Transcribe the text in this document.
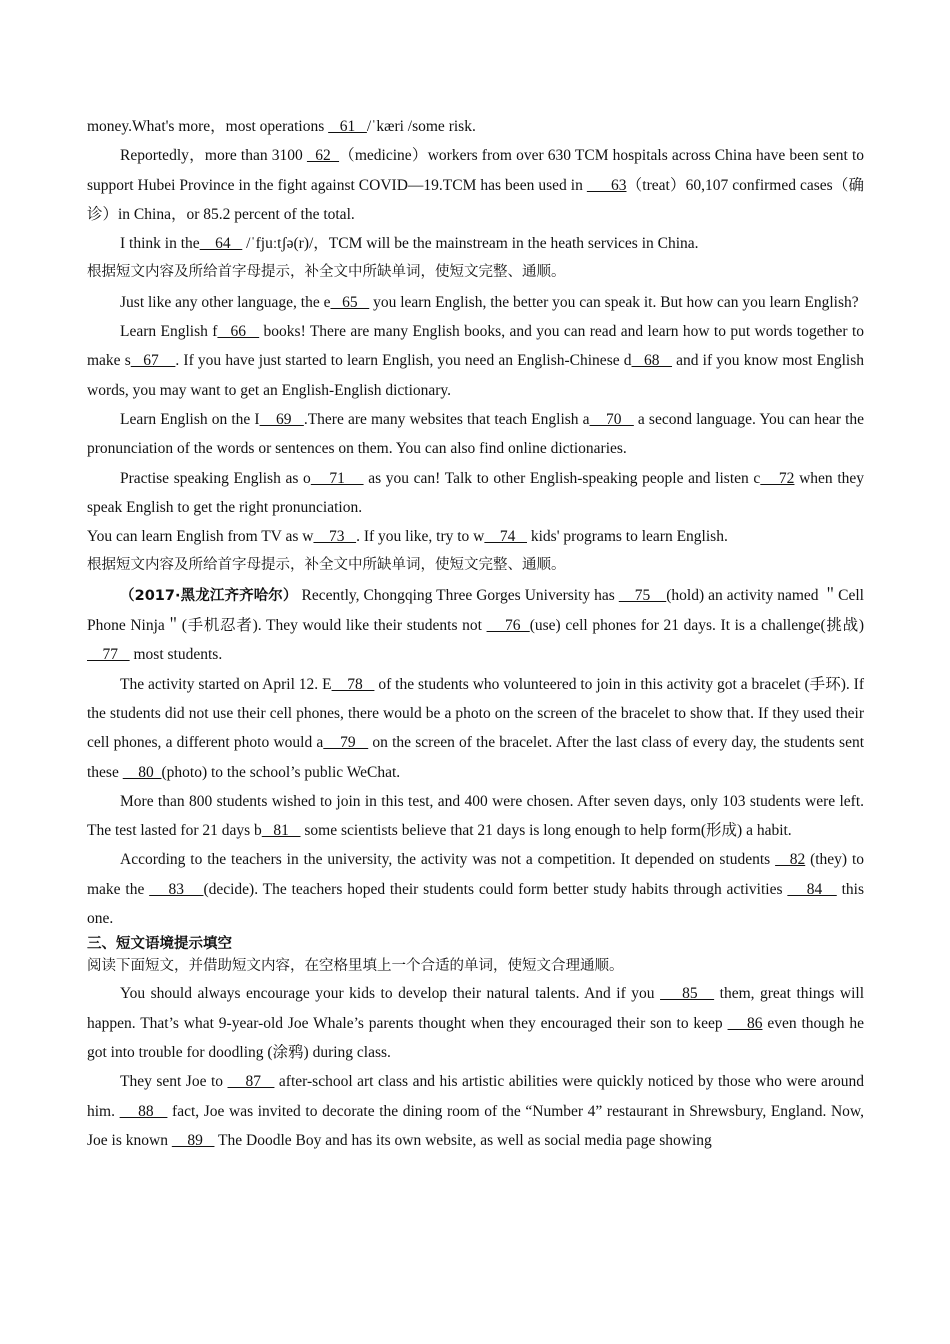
money.What's more，most operations    61   /ˈkæri /some risk.

Reportedly，more than 3100   62  （medicine）workers from over 630 TCM hospitals across China have been sent to support Hubei Province in the fight against COVID—19.TCM has been used in       63（treat）60,107 confirmed cases（确诊）in China，or 85.2 percent of the total.

I think in the    64    /ˈfjuːtʃə(r)/，TCM will be the mainstream in the heath services in China.

根据短文内容及所给首字母提示，补全文中所缺单词，使短文完整、通顺。

Just like any other language, the e   65    you learn English, the better you can speak it. But how can you learn English?

Learn English f   66    books! There are many English books, and you can read and learn how to put words together to make s   67    . If you have just started to learn English, you need an English-Chinese d   68    and if you know most English words, you may want to get an English-English dictionary.

Learn English on the I    69   .There are many websites that teach English a    70    a second language. You can hear the pronunciation of the words or sentences on them. You can also find online dictionaries.

Practise speaking English as o    71     as you can! Talk to other English-speaking people and listen c    72 when they speak English to get the right pronunciation.

You can learn English from TV as w    73   . If you like, try to w    74    kids' programs to learn English.

根据短文内容及所给首字母提示，补全文中所缺单词，使短文完整、通顺。

（2017·黑龙江齐齐哈尔） Recently, Chongqing Three Gorges University has     75    (hold) an activity named ＂Cell Phone Ninja＂(手机忍者). They would like their students not     76  (use) cell phones for 21 days. It is a challenge(挑战)     77    most students.

The activity started on April 12. E    78    of the students who volunteered to join in this activity got a bracelet (手环). If the students did not use their cell phones, there would be a photo on the screen of the bracelet to show that. If they used their cell phones, a different photo would a    79    on the screen of the bracelet. After the last class of every day, the students sent these     80  (photo) to the school’s public WeChat.

More than 800 students wished to join in this test, and 400 were chosen. After seven days, only 103 students were left. The test lasted for 21 days b   81    some scientists believe that 21 days is long enough to help form(形成) a habit.

According to the teachers in the university, the activity was not a competition. It depended on students    82 (they) to make the     83    (decide). The teachers hoped their students could form better study habits through activities     84    this one.

三、短文语境提示填空

阅读下面短文，并借助短文内容，在空格里填上一个合适的单词，使短文合理通顺。

You should always encourage your kids to develop their natural talents. And if you     85    them, great things will happen. That’s what 9-year-old Joe Whale’s parents thought when they encouraged their son to keep     86 even though he got into trouble for doodling (涂鸦) during class.

They sent Joe to     87    after-school art class and his artistic abilities were quickly noticed by those who were around him.     88    fact, Joe was invited to decorate the dining room of the “Number 4” restaurant in Shrewsbury, England. Now, Joe is known     89    The Doodle Boy and has its own website, as well as social media page showing
